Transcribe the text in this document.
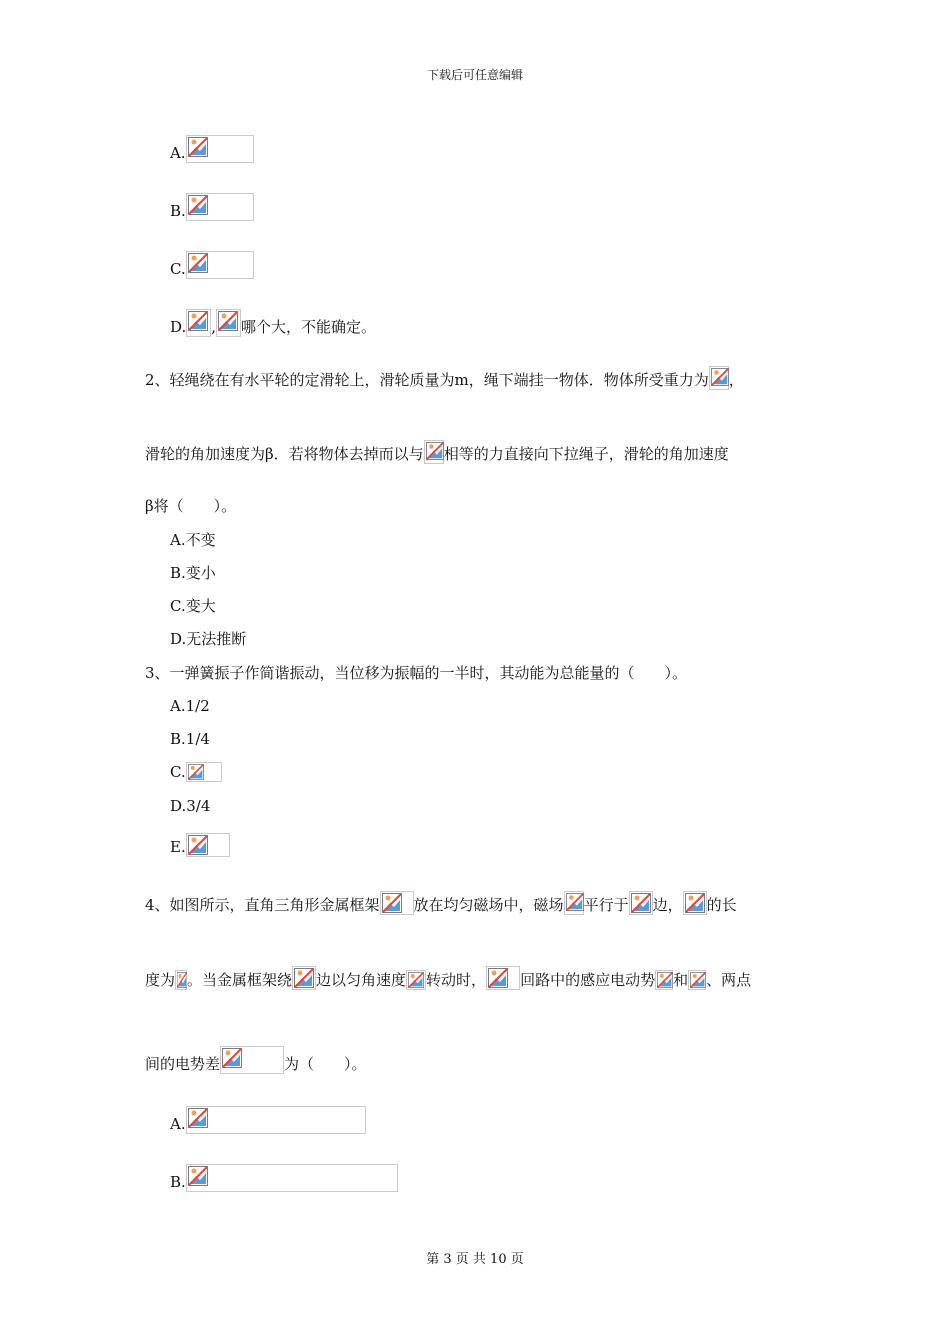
下载后可任意编辑
A.
B.
C.
D. , 哪个大，不能确定。
2、轻绳绕在有水平轮的定滑轮上，滑轮质量为m，绳下端挂一物体．物体所受重力为 ，
滑轮的角加速度为β．若将物体去掉而以与 相等的力直接向下拉绳子，滑轮的角加速度
β将（　　）。
A.不变
B.变小
C.变大
D.无法推断
3、一弹簧振子作简谐振动，当位移为振幅的一半时，其动能为总能量的（　　）。
A.1/2
B.1/4
C.
D.3/4
E.
4、如图所示，直角三角形金属框架 放在均匀磁场中，磁场 平行于 边， 的长
度为 。当金属框架绕 边以匀角速度 转动时， 回路中的感应电动势 和 、两点
间的电势差	为（　　）。
A.
B.
第 3 页 共 10 页
